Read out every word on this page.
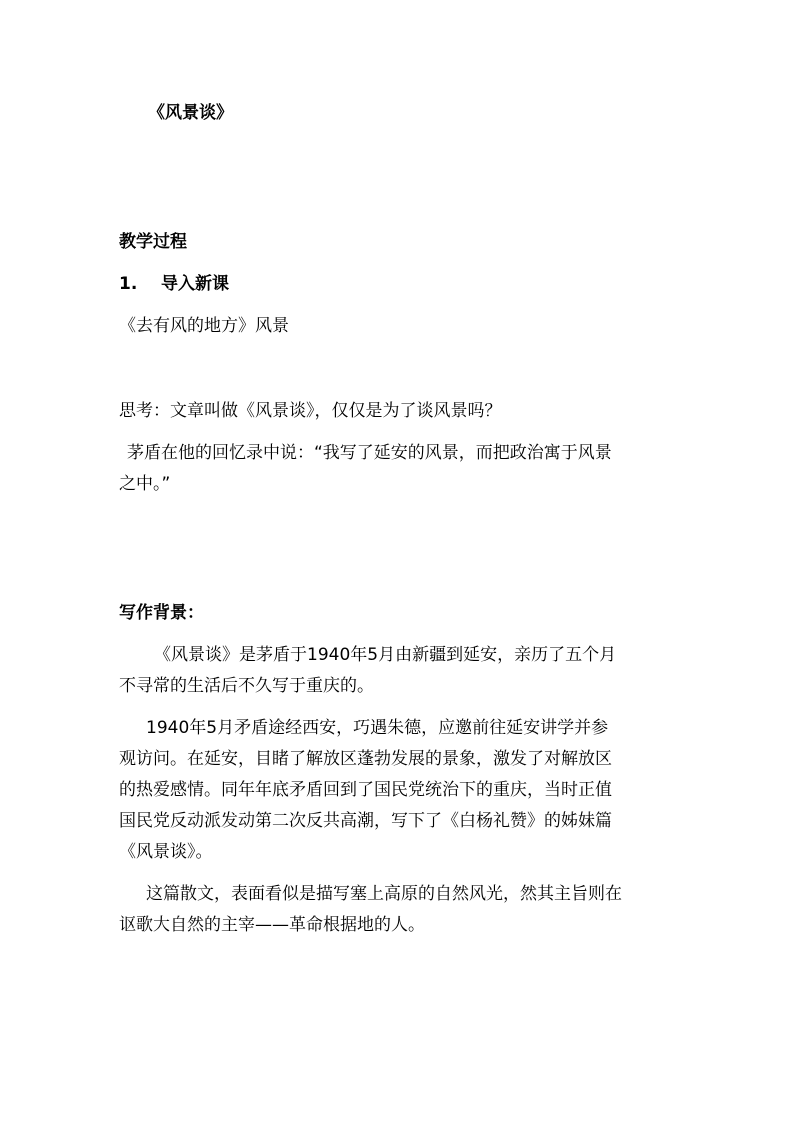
《风景谈》
教学过程
1. 导入新课
《去有风的地方》风景
思考：文章叫做《风景谈》，仅仅是为了谈风景吗？
茅盾在他的回忆录中说：“我写了延安的风景，而把政治寓于风景
之中。”
写作背景：
《风景谈》是茅盾于1940年5月由新疆到延安，亲历了五个月
不寻常的生活后不久写于重庆的。
1940年5月矛盾途经西安，巧遇朱德，应邀前往延安讲学并参
观访问。在延安，目睹了解放区蓬勃发展的景象，激发了对解放区
的热爱感情。同年年底矛盾回到了国民党统治下的重庆，当时正值
国民党反动派发动第二次反共高潮，写下了《白杨礼赞》的姊妹篇
《风景谈》。
这篇散文，表面看似是描写塞上高原的自然风光，然其主旨则在
讴歌大自然的主宰——革命根据地的人。
